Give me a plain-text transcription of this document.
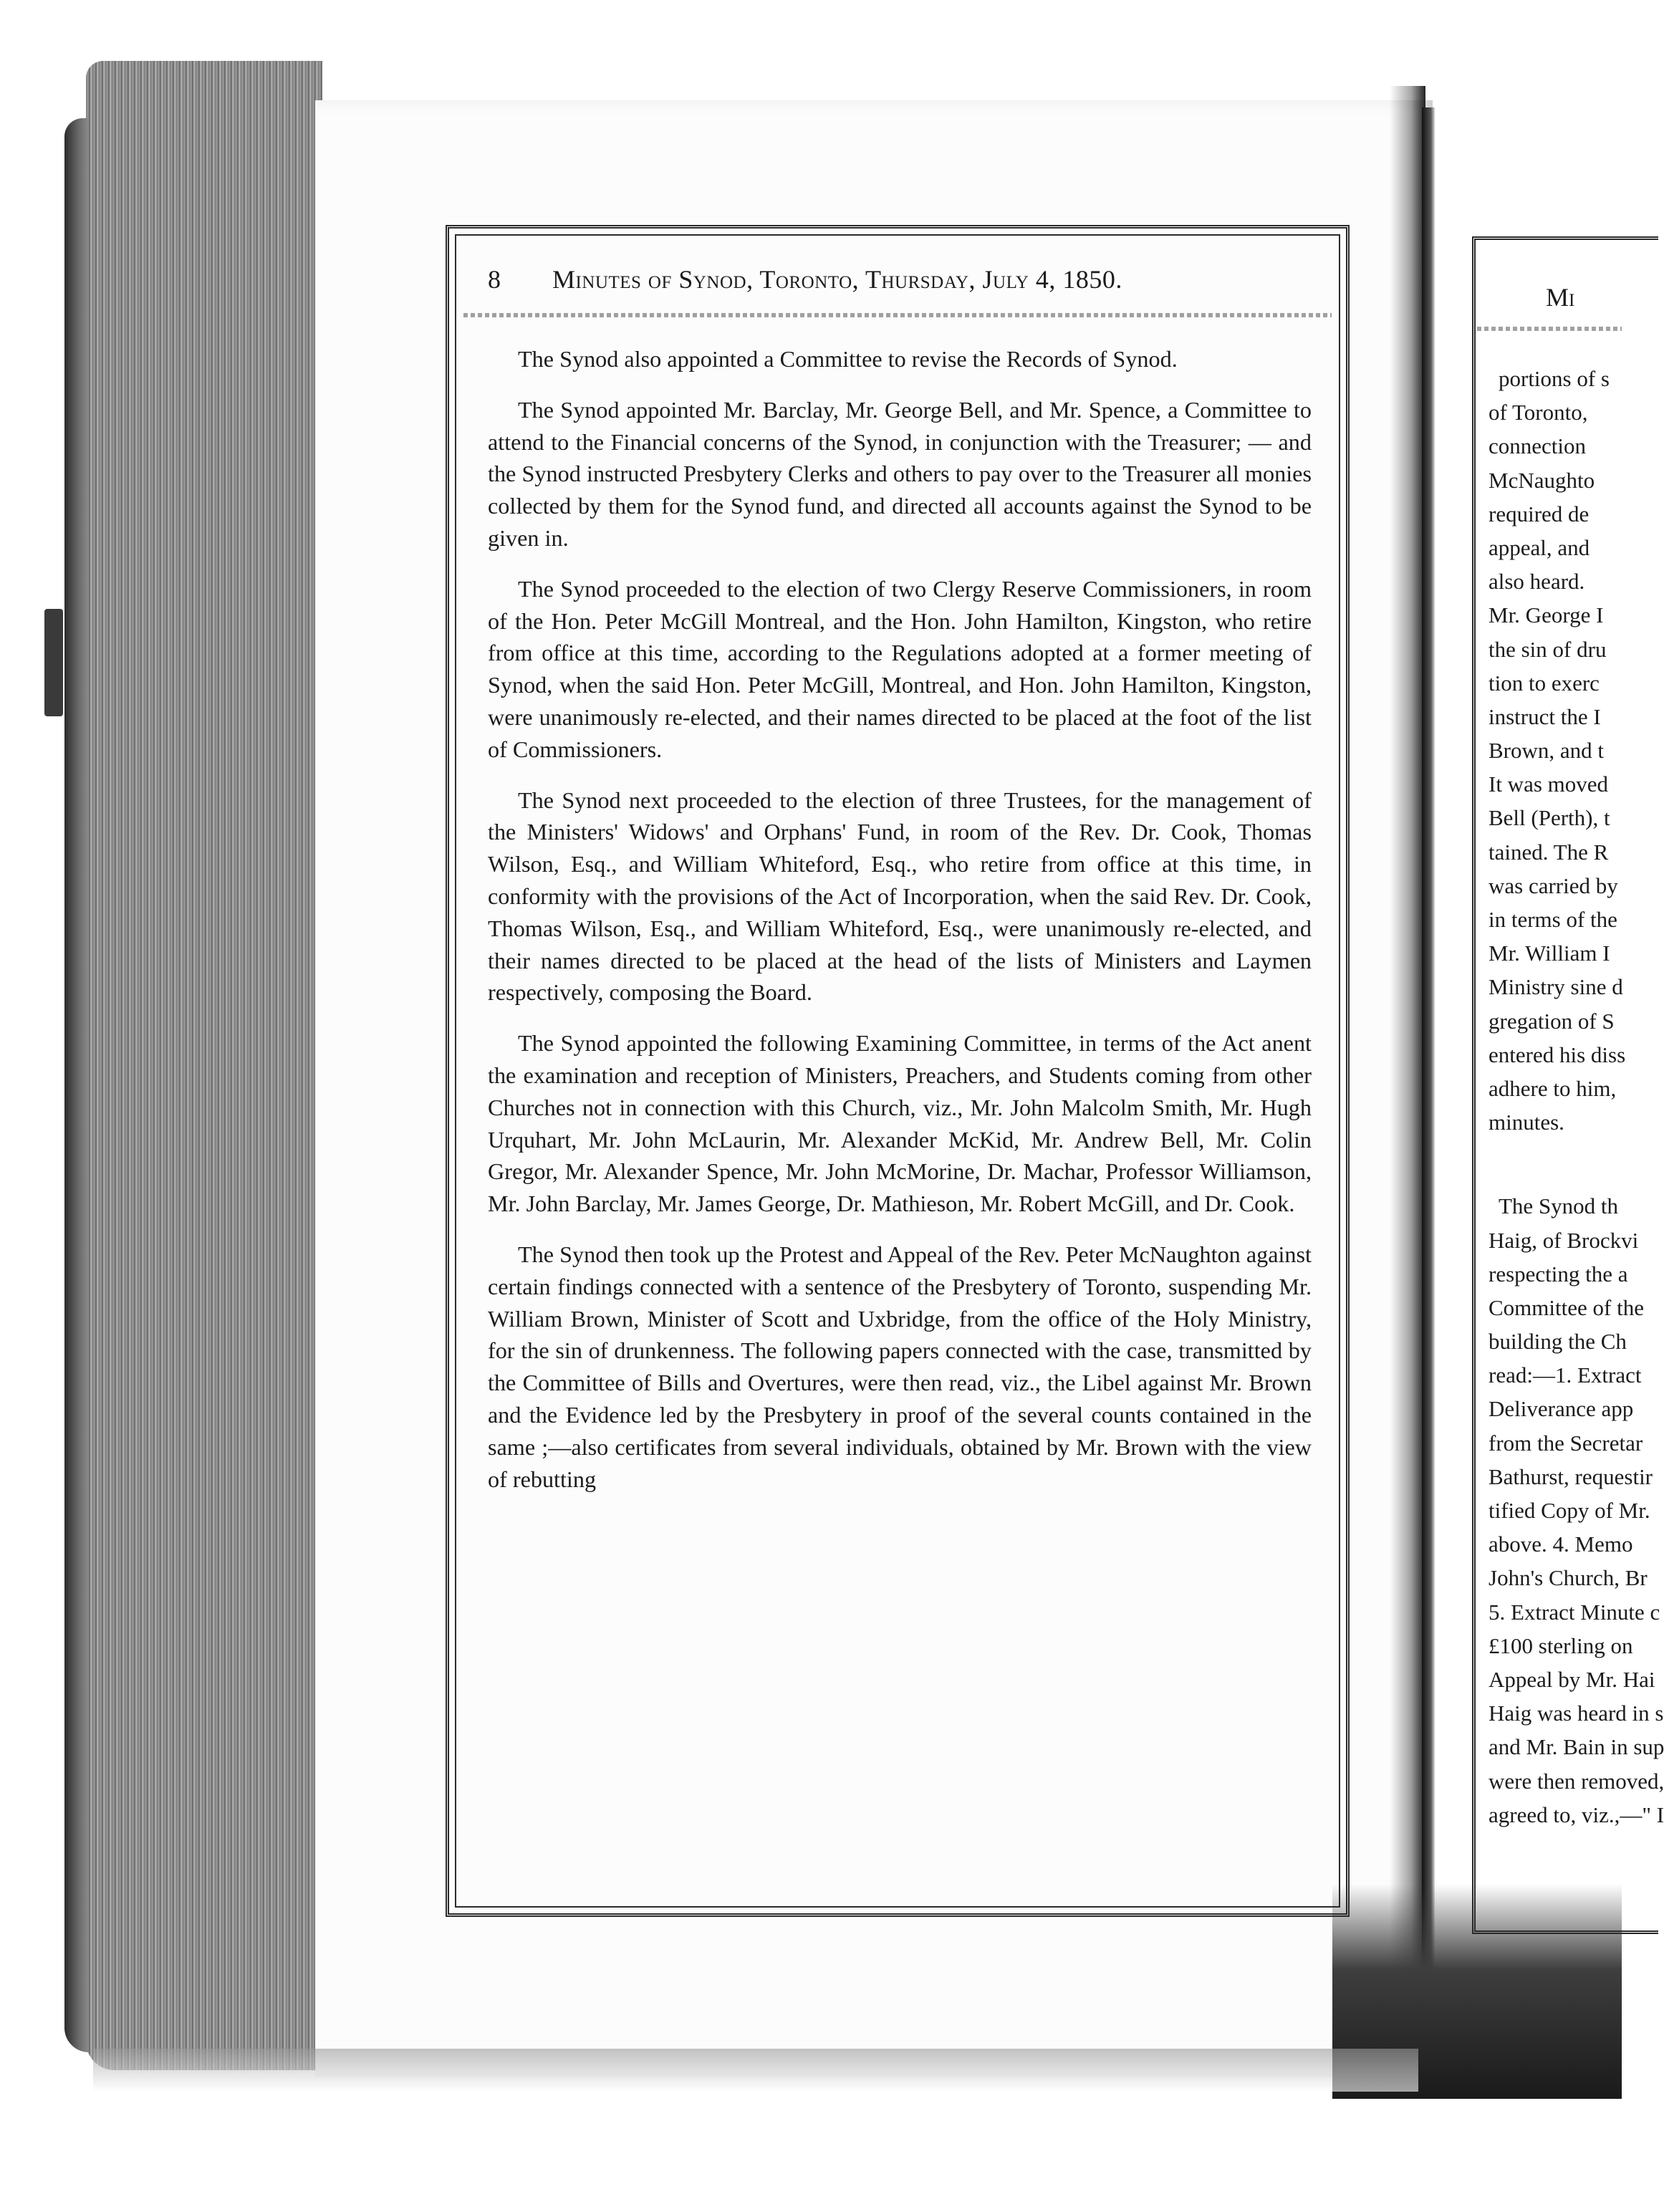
8 Minutes of Synod, Toronto, Thursday, July 4, 1850.

The Synod also appointed a Committee to revise the Records of Synod.

The Synod appointed Mr. Barclay, Mr. George Bell, and Mr. Spence, a Committee to attend to the Financial concerns of the Synod, in conjunction with the Treasurer; — and the Synod instructed Presbytery Clerks and others to pay over to the Treasurer all monies collected by them for the Synod fund, and directed all accounts against the Synod to be given in.

The Synod proceeded to the election of two Clergy Reserve Commissioners, in room of the Hon. Peter McGill Montreal, and the Hon. John Hamilton, Kingston, who retire from office at this time, according to the Regulations adopted at a former meeting of Synod, when the said Hon. Peter McGill, Montreal, and Hon. John Hamilton, Kingston, were unanimously re-elected, and their names directed to be placed at the foot of the list of Commissioners.

The Synod next proceeded to the election of three Trustees, for the management of the Ministers' Widows' and Orphans' Fund, in room of the Rev. Dr. Cook, Thomas Wilson, Esq., and William Whiteford, Esq., who retire from office at this time, in conformity with the provisions of the Act of Incorporation, when the said Rev. Dr. Cook, Thomas Wilson, Esq., and William Whiteford, Esq., were unanimously re-elected, and their names directed to be placed at the head of the lists of Ministers and Laymen respectively, composing the Board.

The Synod appointed the following Examining Committee, in terms of the Act anent the examination and reception of Ministers, Preachers, and Students coming from other Churches not in connection with this Church, viz., Mr. John Malcolm Smith, Mr. Hugh Urquhart, Mr. John McLaurin, Mr. Alexander McKid, Mr. Andrew Bell, Mr. Colin Gregor, Mr. Alexander Spence, Mr. John McMorine, Dr. Machar, Professor Williamson, Mr. John Barclay, Mr. James George, Dr. Mathieson, Mr. Robert McGill, and Dr. Cook.

The Synod then took up the Protest and Appeal of the Rev. Peter McNaughton against certain findings connected with a sentence of the Presbytery of Toronto, suspending Mr. William Brown, Minister of Scott and Uxbridge, from the office of the Holy Ministry, for the sin of drunkenness. The following papers connected with the case, transmitted by the Committee of Bills and Overtures, were then read, viz., the Libel against Mr. Brown and the Evidence led by the Presbytery in proof of the several counts contained in the same ;—also certificates from several individuals, obtained by Mr. Brown with the view of rebutting

Mi
portions of s
of Toronto,
connection
McNaughto
required de
appeal, and
also heard.
Mr. George I
the sin of dru
tion to exerc
instruct the I
Brown, and t
It was moved
Bell (Perth), t
tained. The R
was carried by
in terms of the
Mr. William I
Ministry sine d
gregation of S
entered his diss
adhere to him,
minutes.
The Synod th
Haig, of Brockvi
respecting the a
Committee of the
building the Ch
read:—1. Extract
Deliverance app
from the Secretar
Bathurst, requestir
tified Copy of Mr.
above. 4. Memo
John's Church, Br
5. Extract Minute c
£100 sterling on
Appeal by Mr. Hai
Haig was heard in s
and Mr. Bain in sup
were then removed,
agreed to, viz.,—" I
